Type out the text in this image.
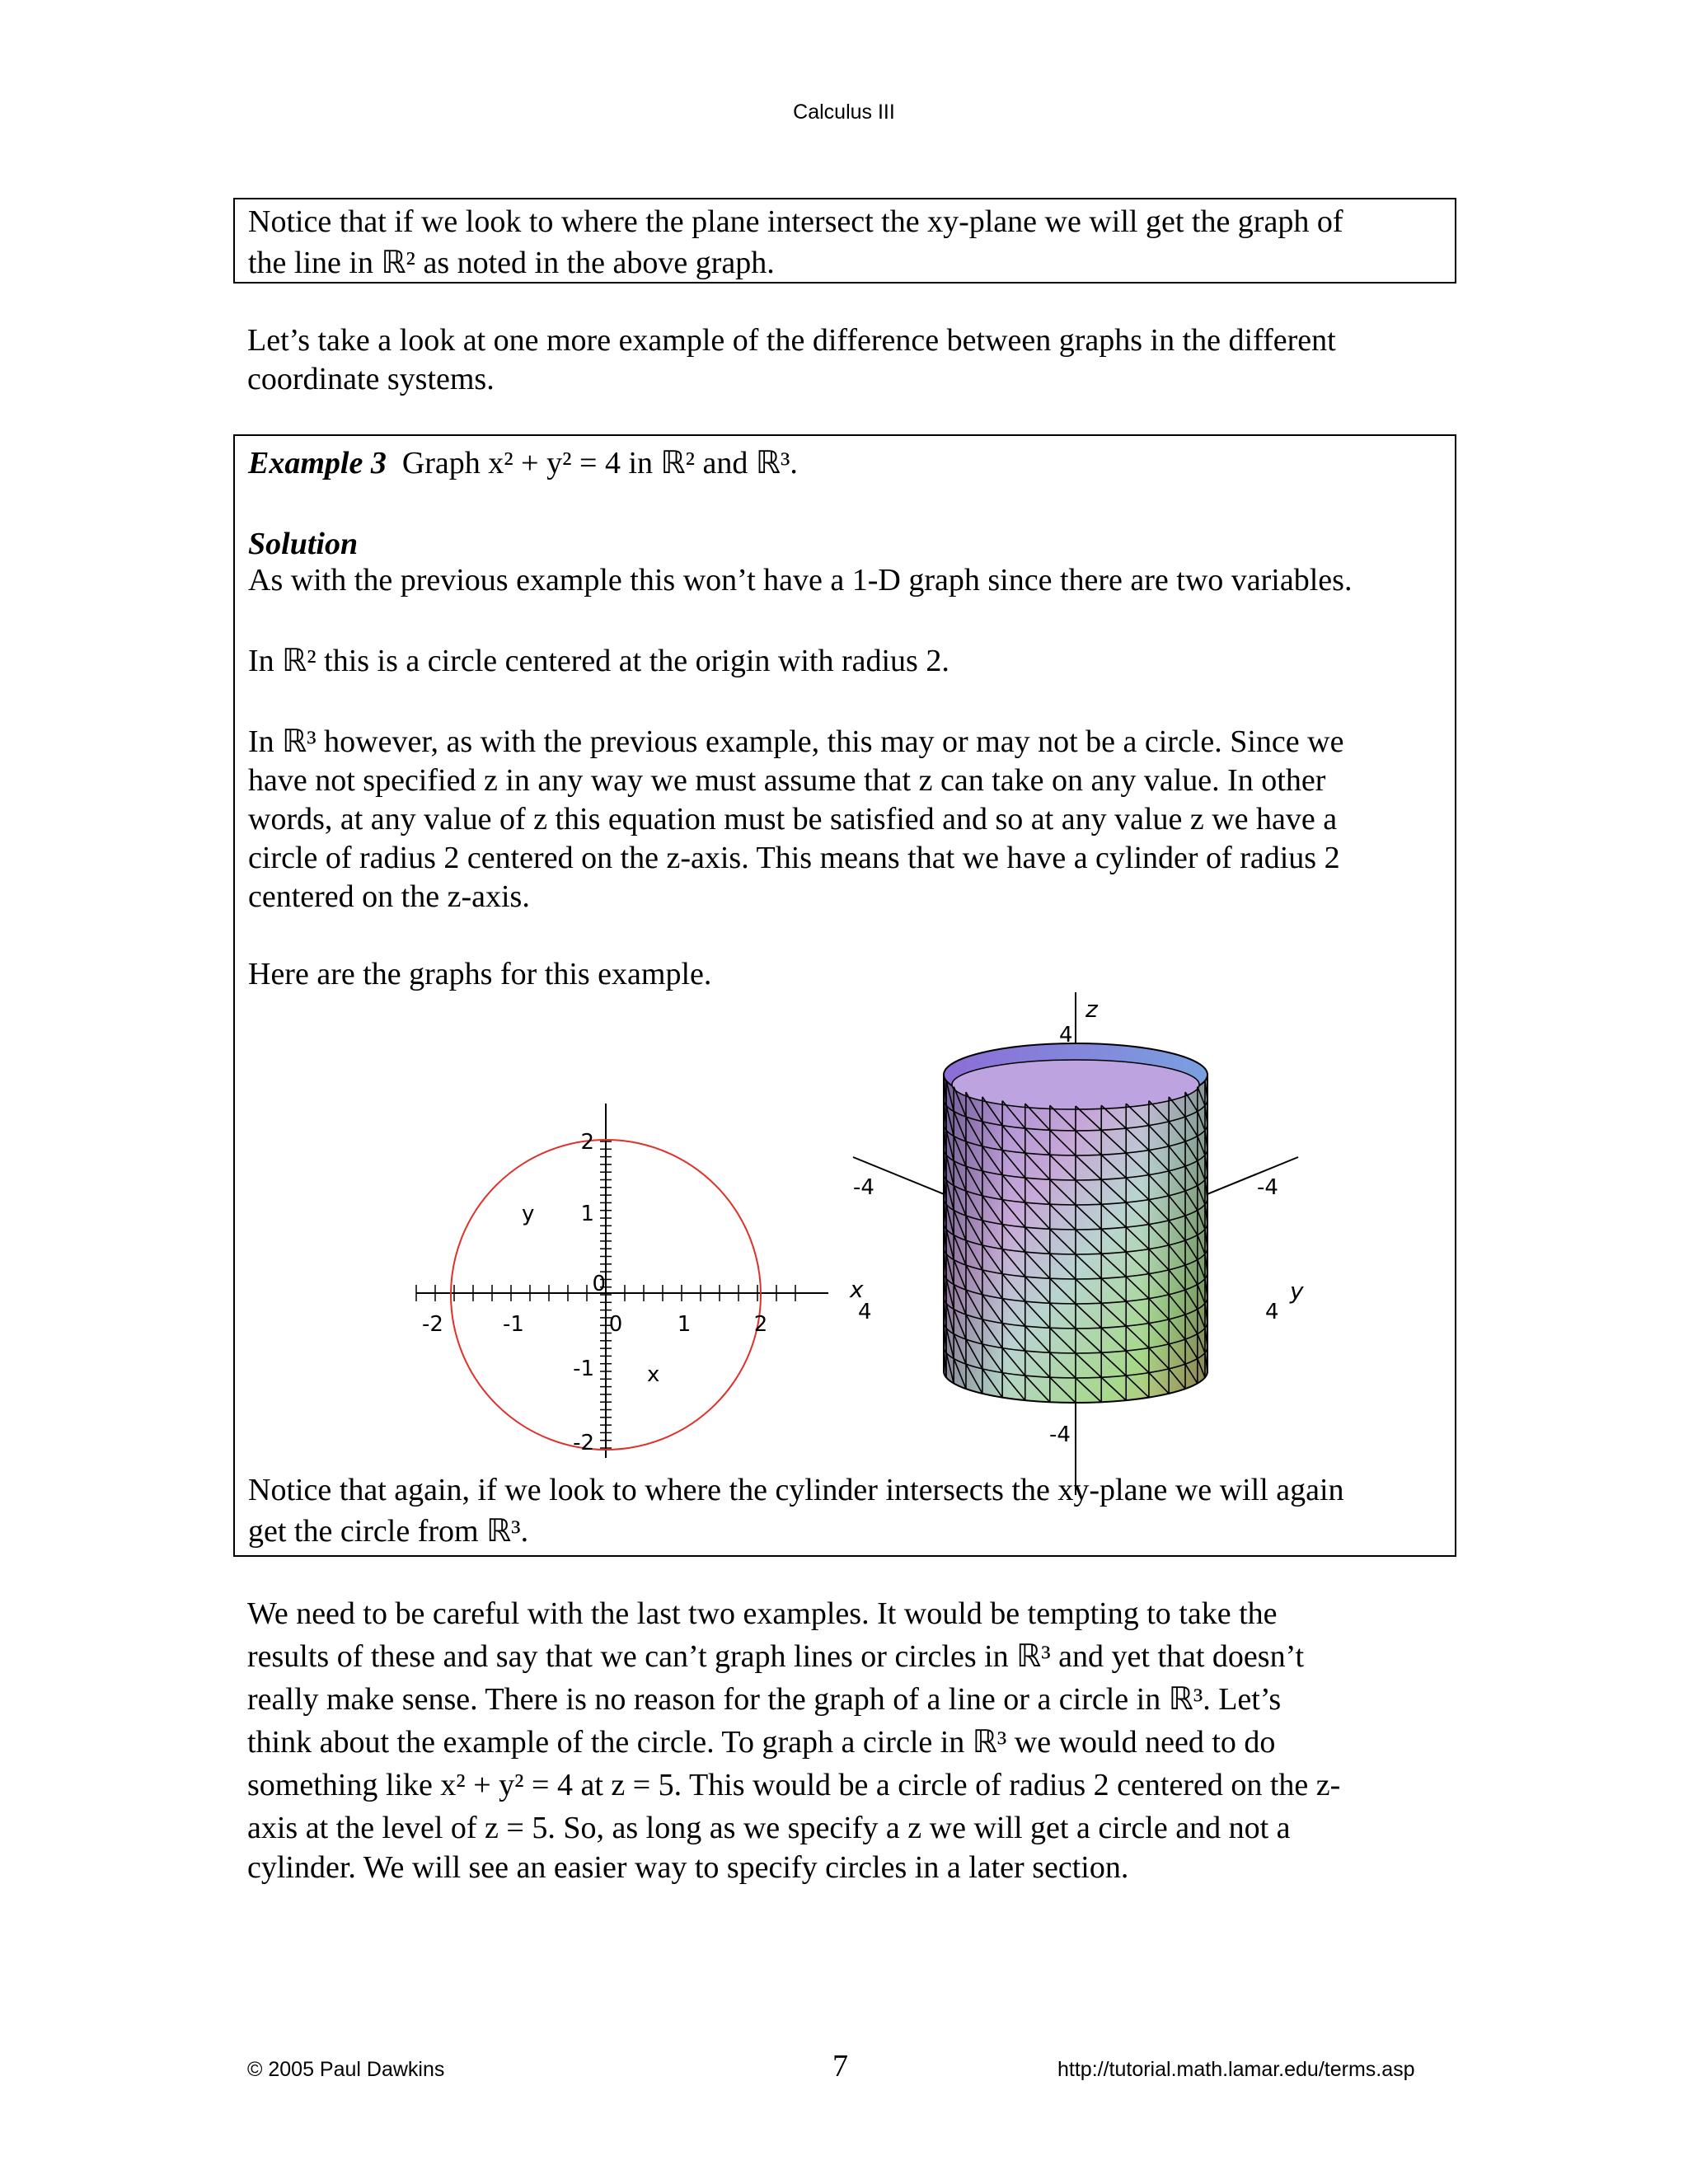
Calculus III
Notice that if we look to where the plane intersect the xy-plane we will get the graph of
the line in ℝ² as noted in the above graph.
Let’s take a look at one more example of the difference between graphs in the different
coordinate systems.
Example 3 Graph x² + y² = 4 in ℝ² and ℝ³.
Solution
As with the previous example this won’t have a 1-D graph since there are two variables.
In ℝ² this is a circle centered at the origin with radius 2.
In ℝ³ however, as with the previous example, this may or may not be a circle. Since we
have not specified z in any way we must assume that z can take on any value. In other
words, at any value of z this equation must be satisfied and so at any value z we have a
circle of radius 2 centered on the z-axis. This means that we have a cylinder of radius 2
centered on the z-axis.
Here are the graphs for this example.
-2	-1	0	1	2
2
1
0
-1
-2
x
y
z
4
-4
-4	-4
x
4
y
4
Notice that again, if we look to where the cylinder intersects the xy-plane we will again
get the circle from ℝ³.
We need to be careful with the last two examples. It would be tempting to take the
results of these and say that we can’t graph lines or circles in ℝ³ and yet that doesn’t
really make sense. There is no reason for the graph of a line or a circle in ℝ³. Let’s
think about the example of the circle. To graph a circle in ℝ³ we would need to do
something like x² + y² = 4 at z = 5. This would be a circle of radius 2 centered on the z-
axis at the level of z = 5. So, as long as we specify a z we will get a circle and not a
cylinder. We will see an easier way to specify circles in a later section.
© 2005 Paul Dawkins	7	http://tutorial.math.lamar.edu/terms.asp
